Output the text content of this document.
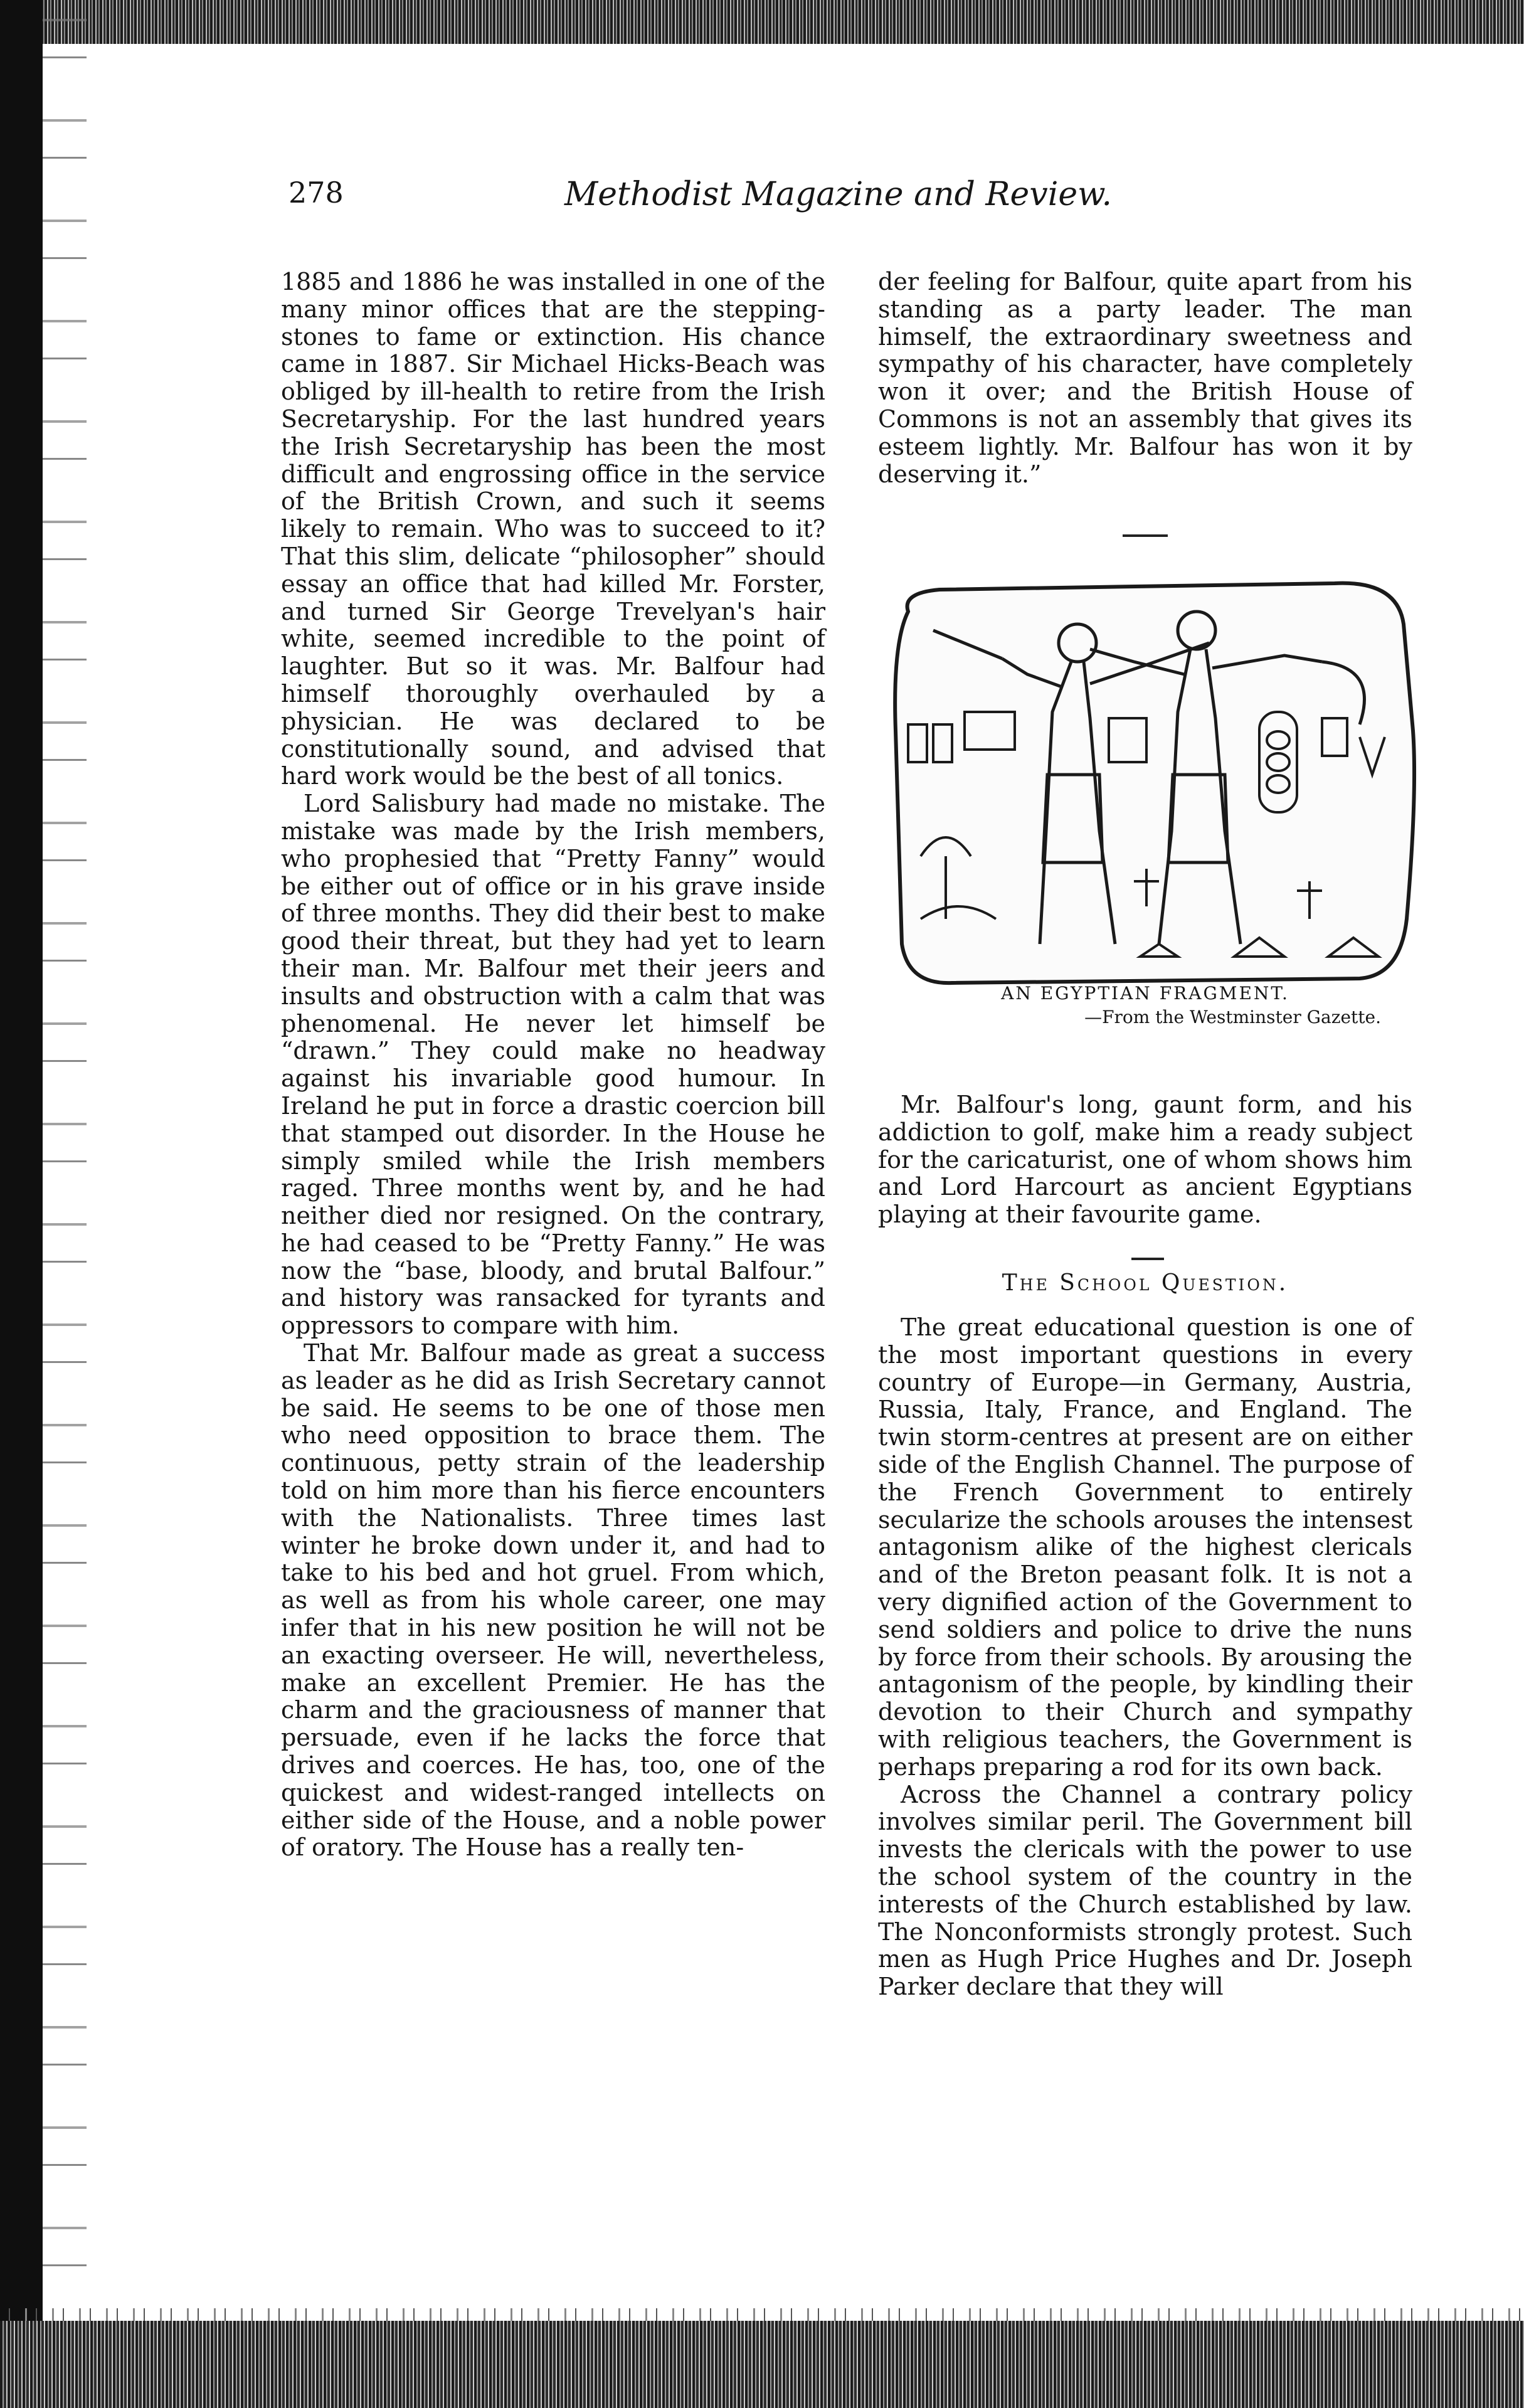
278	Methodist Magazine and Review.

1885 and 1886 he was installed in one of the many minor offices that are the stepping-stones to fame or extinction. His chance came in 1887. Sir Michael Hicks-Beach was obliged by ill-health to retire from the Irish Secretaryship. For the last hundred years the Irish Secretaryship has been the most difficult and engrossing office in the service of the British Crown, and such it seems likely to remain. Who was to succeed to it? That this slim, delicate “philosopher” should essay an office that had killed Mr. Forster, and turned Sir George Trevelyan's hair white, seemed incredible to the point of laughter. But so it was. Mr. Balfour had himself thoroughly overhauled by a physician. He was declared to be constitutionally sound, and advised that hard work would be the best of all tonics.

Lord Salisbury had made no mistake. The mistake was made by the Irish members, who prophesied that “Pretty Fanny” would be either out of office or in his grave inside of three months. They did their best to make good their threat, but they had yet to learn their man. Mr. Balfour met their jeers and insults and obstruction with a calm that was phenomenal. He never let himself be “drawn.” They could make no headway against his invariable good humour. In Ireland he put in force a drastic coercion bill that stamped out disorder. In the House he simply smiled while the Irish members raged. Three months went by, and he had neither died nor resigned. On the contrary, he had ceased to be “Pretty Fanny.” He was now the “base, bloody, and brutal Balfour.” and history was ransacked for tyrants and oppressors to compare with him.

That Mr. Balfour made as great a success as leader as he did as Irish Secretary cannot be said. He seems to be one of those men who need opposition to brace them. The continuous, petty strain of the leadership told on him more than his fierce encounters with the Nationalists. Three times last winter he broke down under it, and had to take to his bed and hot gruel. From which, as well as from his whole career, one may infer that in his new position he will not be an exacting overseer. He will, nevertheless, make an excellent Premier. He has the charm and the graciousness of manner that persuade, even if he lacks the force that drives and coerces. He has, too, one of the quickest and widest-ranged intellects on either side of the House, and a noble power of oratory. The House has a really ten-

der feeling for Balfour, quite apart from his standing as a party leader. The man himself, the extraordinary sweetness and sympathy of his character, have completely won it over; and the British House of Commons is not an assembly that gives its esteem lightly. Mr. Balfour has won it by deserving it.”

AN EGYPTIAN FRAGMENT.
—From the Westminster Gazette.

Mr. Balfour's long, gaunt form, and his addiction to golf, make him a ready subject for the caricaturist, one of whom shows him and Lord Harcourt as ancient Egyptians playing at their favourite game.

The School Question.

The great educational question is one of the most important questions in every country of Europe—in Germany, Austria, Russia, Italy, France, and England. The twin storm-centres at present are on either side of the English Channel. The purpose of the French Government to entirely secularize the schools arouses the intensest antagonism alike of the highest clericals and of the Breton peasant folk. It is not a very dignified action of the Government to send soldiers and police to drive the nuns by force from their schools. By arousing the antagonism of the people, by kindling their devotion to their Church and sympathy with religious teachers, the Government is perhaps preparing a rod for its own back.

Across the Channel a contrary policy involves similar peril. The Government bill invests the clericals with the power to use the school system of the country in the interests of the Church established by law. The Nonconformists strongly protest. Such men as Hugh Price Hughes and Dr. Joseph Parker declare that they will
